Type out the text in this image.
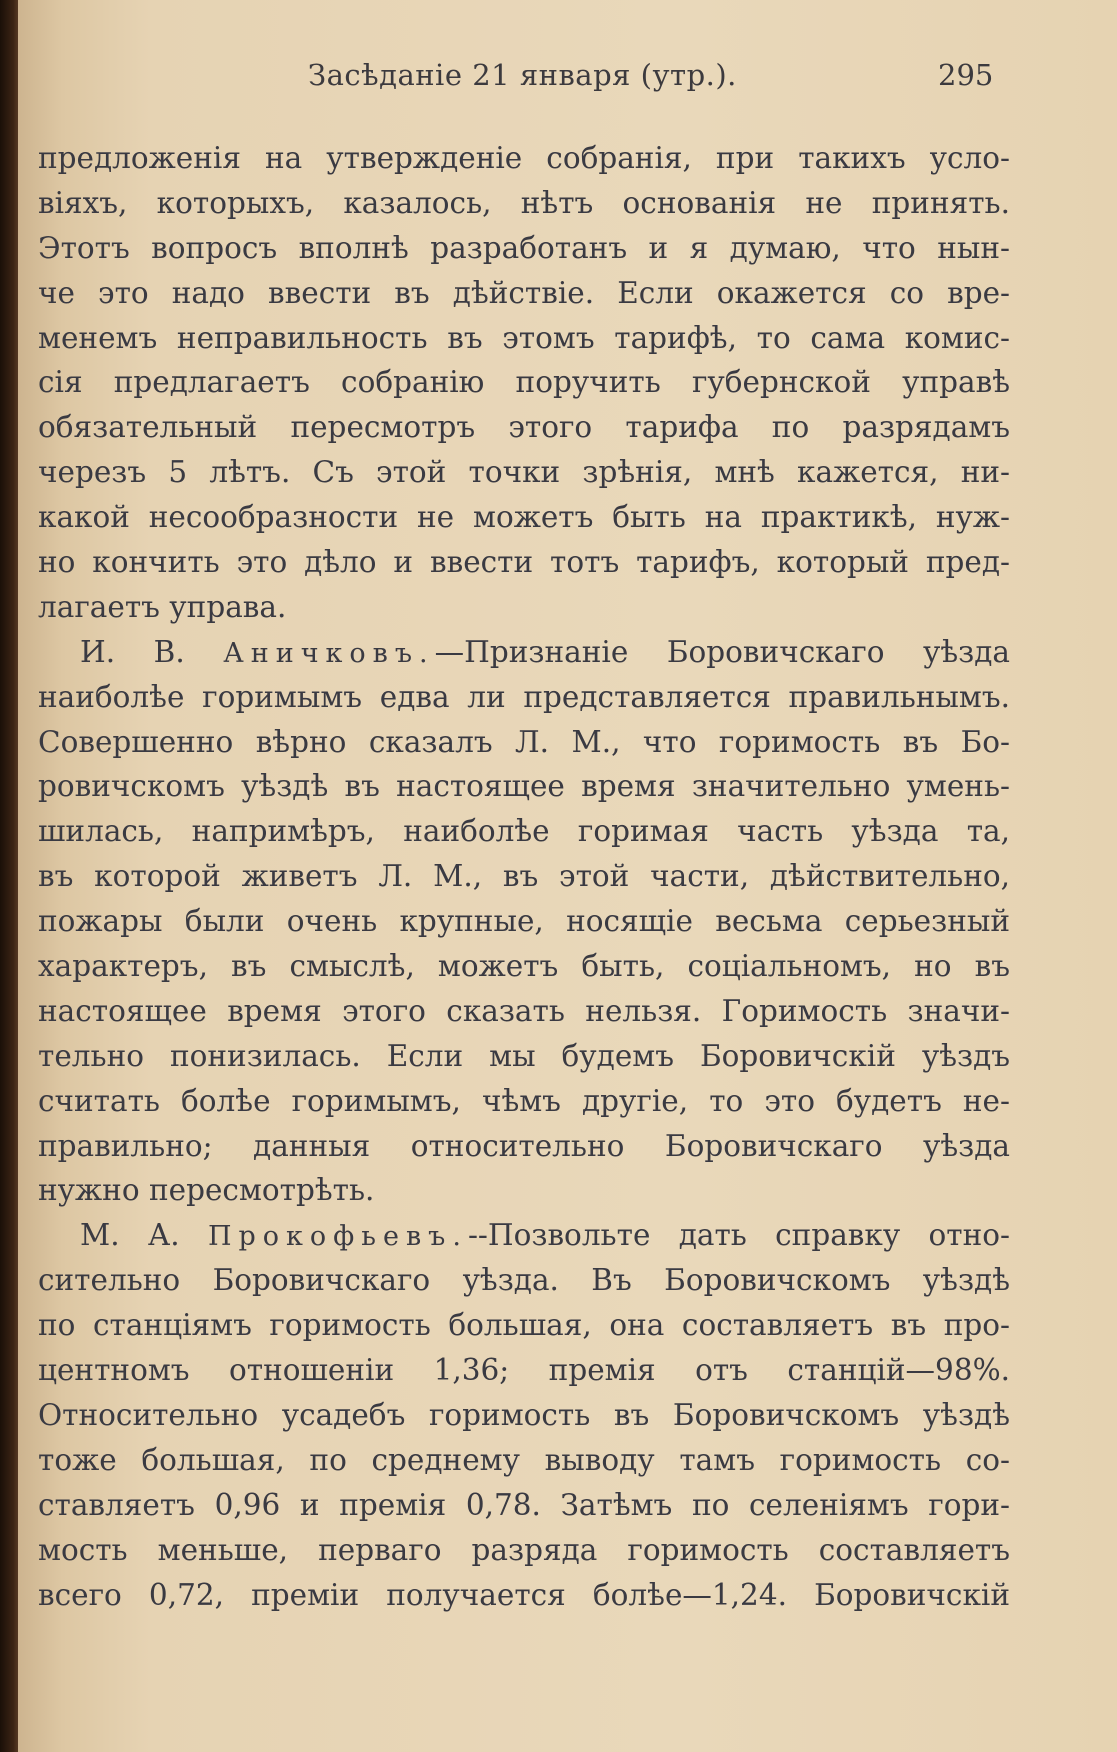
Засѣданіе 21 января (утр.).	295
предложенія на утвержденіе собранія, при такихъ усло-
віяхъ, которыхъ, казалось, нѣтъ основанія не принять.
Этотъ вопросъ вполнѣ разработанъ и я думаю, что нын-
че это надо ввести въ дѣйствіе. Если окажется со вре-
менемъ неправильность въ этомъ тарифѣ, то сама комис-
сія предлагаетъ собранію поручить губернской управѣ
обязательный пересмотръ этого тарифа по разрядамъ
черезъ 5 лѣтъ. Съ этой точки зрѣнія, мнѣ кажется, ни-
какой несообразности не можетъ быть на практикѣ, нуж-
но кончить это дѣло и ввести тотъ тарифъ, который пред-
лагаетъ управа.
И. В. Аничковъ.—Признаніе Боровичскаго уѣзда
наиболѣе горимымъ едва ли представляется правильнымъ.
Совершенно вѣрно сказалъ Л. М., что горимость въ Бо-
ровичскомъ уѣздѣ въ настоящее время значительно умень-
шилась, напримѣръ, наиболѣе горимая часть уѣзда та,
въ которой живетъ Л. М., въ этой части, дѣйствительно,
пожары были очень крупные, носящіе весьма серьезный
характеръ, въ смыслѣ, можетъ быть, соціальномъ, но въ
настоящее время этого сказать нельзя. Горимость значи-
тельно понизилась. Если мы будемъ Боровичскій уѣздъ
считать болѣе горимымъ, чѣмъ другіе, то это будетъ не-
правильно; данныя относительно Боровичскаго уѣзда
нужно пересмотрѣть.
М. А. Прокофьевъ.--Позвольте дать справку отно-
сительно Боровичскаго уѣзда. Въ Боровичскомъ уѣздѣ
по станціямъ горимость большая, она составляетъ въ про-
центномъ отношеніи 1,36; премія отъ станцій—98%.
Относительно усадебъ горимость въ Боровичскомъ уѣздѣ
тоже большая, по среднему выводу тамъ горимость со-
ставляетъ 0,96 и премія 0,78. Затѣмъ по селеніямъ гори-
мость меньше, перваго разряда горимость составляетъ
всего 0,72, преміи получается болѣе—1,24. Боровичскій
